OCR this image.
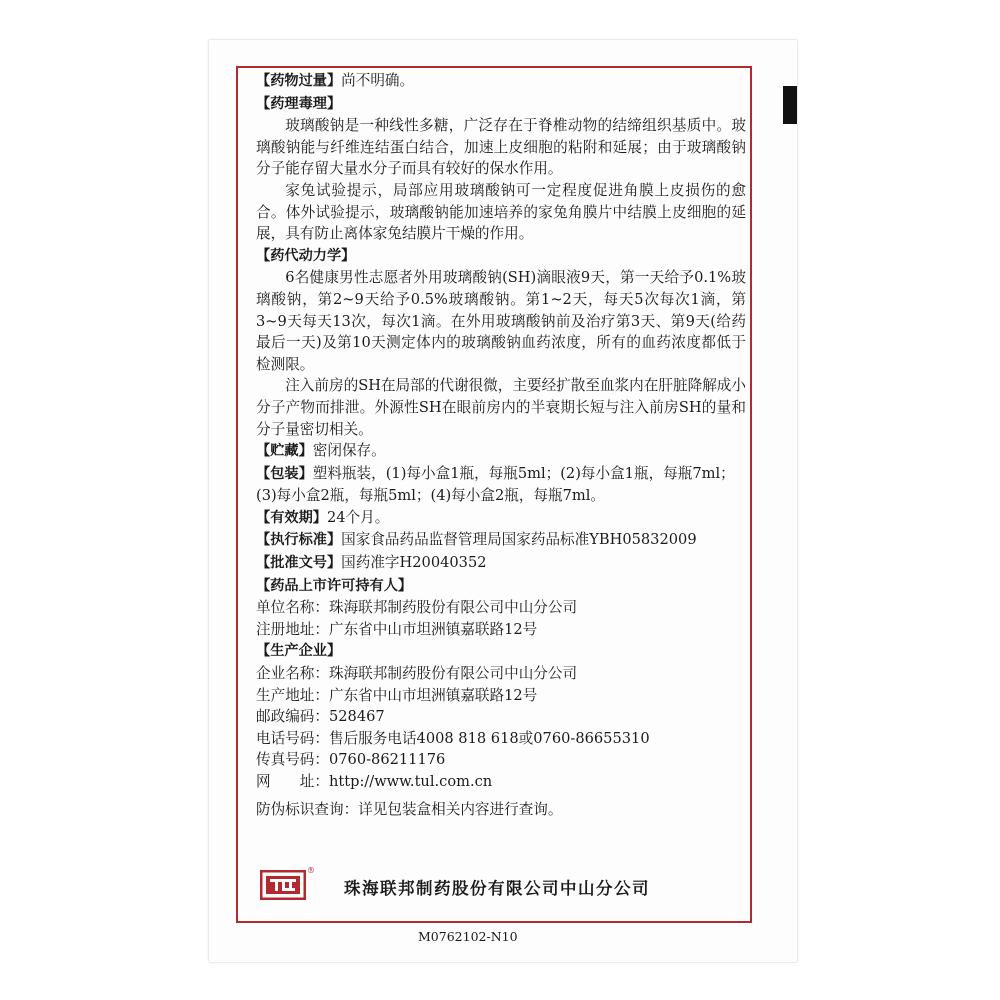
【药物过量】尚不明确。

【药理毒理】

玻璃酸钠是一种线性多糖，广泛存在于脊椎动物的结缔组织基质中。玻璃酸钠能与纤维连结蛋白结合，加速上皮细胞的粘附和延展；由于玻璃酸钠分子能存留大量水分子而具有较好的保水作用。

家兔试验提示，局部应用玻璃酸钠可一定程度促进角膜上皮损伤的愈合。体外试验提示，玻璃酸钠能加速培养的家兔角膜片中结膜上皮细胞的延展，具有防止离体家兔结膜片干燥的作用。

【药代动力学】

6名健康男性志愿者外用玻璃酸钠(SH)滴眼液9天，第一天给予0.1%玻璃酸钠，第2~9天给予0.5%玻璃酸钠。第1~2天，每天5次每次1滴，第3~9天每天13次，每次1滴。在外用玻璃酸钠前及治疗第3天、第9天(给药最后一天)及第10天测定体内的玻璃酸钠血药浓度，所有的血药浓度都低于检测限。

注入前房的SH在局部的代谢很微，主要经扩散至血浆内在肝脏降解成小分子产物而排泄。外源性SH在眼前房内的半衰期长短与注入前房SH的量和分子量密切相关。

【贮藏】密闭保存。

【包装】塑料瓶装，(1)每小盒1瓶，每瓶5ml；(2)每小盒1瓶，每瓶7ml；(3)每小盒2瓶，每瓶5ml；(4)每小盒2瓶，每瓶7ml。

【有效期】24个月。

【执行标准】国家食品药品监督管理局国家药品标准YBH05832009

【批准文号】国药准字H20040352

【药品上市许可持有人】

单位名称：珠海联邦制药股份有限公司中山分公司

注册地址：广东省中山市坦洲镇嘉联路12号

【生产企业】

企业名称：珠海联邦制药股份有限公司中山分公司

生产地址：广东省中山市坦洲镇嘉联路12号

邮政编码：528467

电话号码：售后服务电话4008 818 618或0760-86655310

传真号码：0760-86211176

网　　址：http://www.tul.com.cn

防伪标识查询：详见包装盒相关内容进行查询。

®
珠海联邦制药股份有限公司中山分公司
M0762102-N10
